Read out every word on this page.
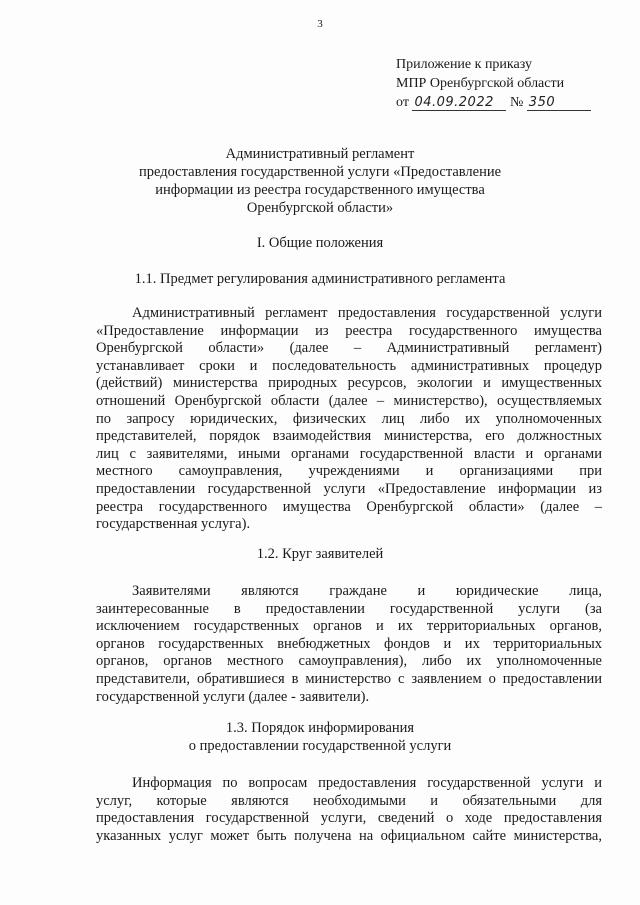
3
Приложение к приказу
МПР Оренбургской области
от 04.09.2022 № 350
Административный регламент
предоставления государственной услуги «Предоставление
информации из реестра государственного имущества
Оренбургской области»
I. Общие положения
1.1. Предмет регулирования административного регламента
Административный регламент предоставления государственной услуги
«Предоставление информации из реестра государственного имущества
Оренбургской области» (далее – Административный регламент)
устанавливает сроки и последовательность административных процедур
(действий) министерства природных ресурсов, экологии и имущественных
отношений Оренбургской области (далее – министерство), осуществляемых
по запросу юридических, физических лиц либо их уполномоченных
представителей, порядок взаимодействия министерства, его должностных
лиц с заявителями, иными органами государственной власти и органами
местного самоуправления, учреждениями и организациями при
предоставлении государственной услуги «Предоставление информации из
реестра государственного имущества Оренбургской области» (далее –
государственная услуга).
1.2. Круг заявителей
Заявителями являются граждане и юридические лица,
заинтересованные в предоставлении государственной услуги (за
исключением государственных органов и их территориальных органов,
органов государственных внебюджетных фондов и их территориальных
органов, органов местного самоуправления), либо их уполномоченные
представители, обратившиеся в министерство с заявлением о предоставлении
государственной услуги (далее - заявители).
1.3. Порядок информирования
о предоставлении государственной услуги
Информация по вопросам предоставления государственной услуги и
услуг, которые являются необходимыми и обязательными для
предоставления государственной услуги, сведений о ходе предоставления
указанных услуг может быть получена на официальном сайте министерства,
